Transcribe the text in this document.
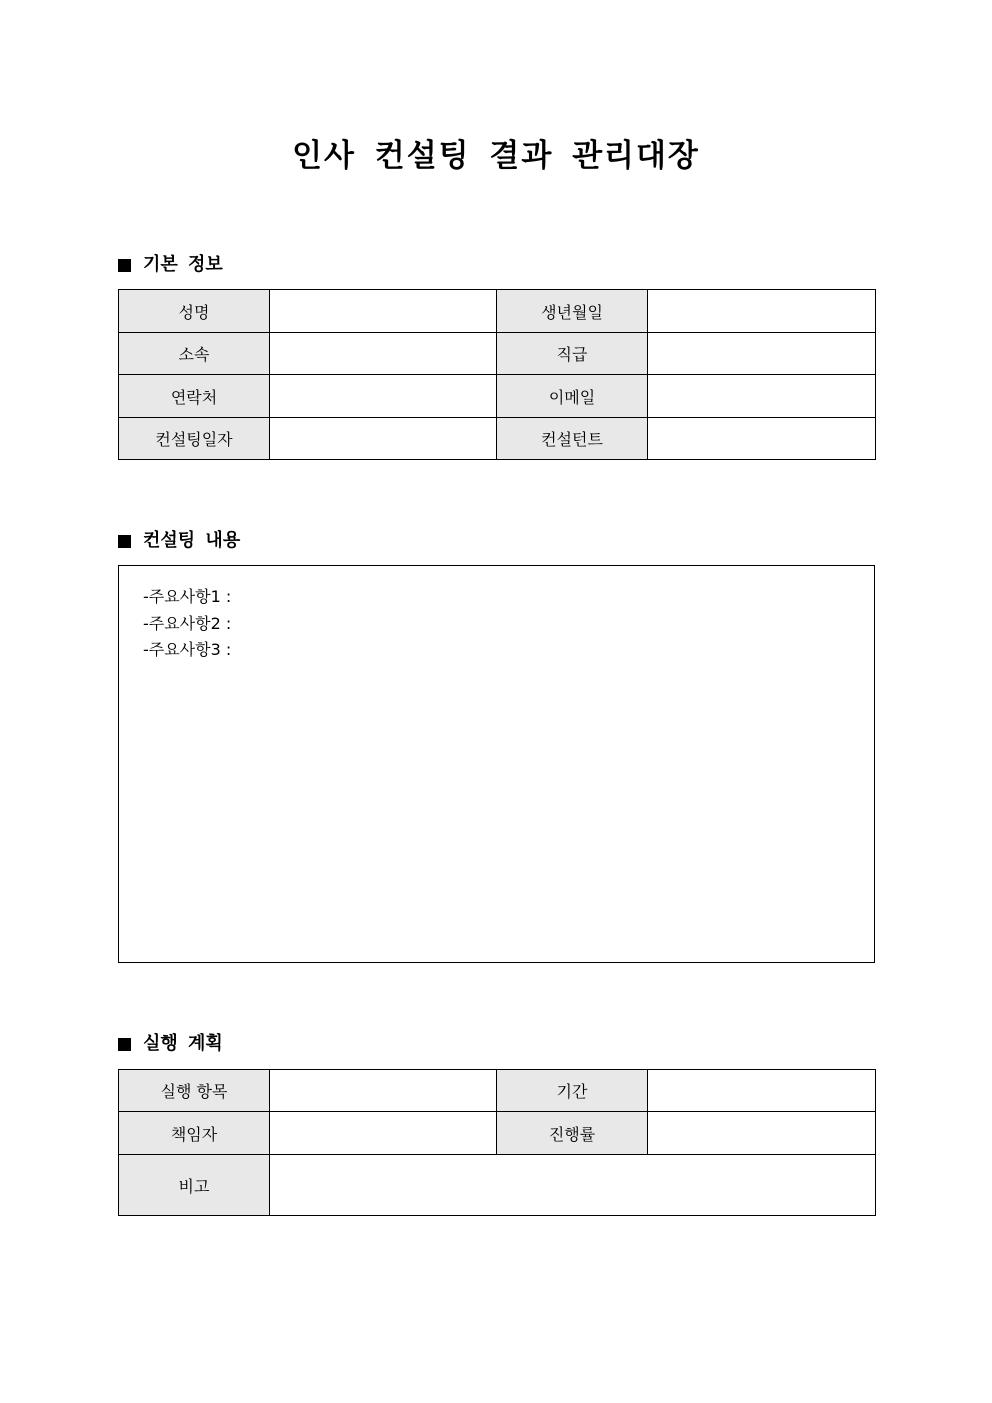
인사 컨설팅 결과 관리대장
기본 정보
성명		생년월일	
소속		직급	
연락처		이메일	
컨설팅일자		컨설턴트	
컨설팅 내용
-주요사항1 :
-주요사항2 :
-주요사항3 :
실행 계획
실행 항목		기간	
책임자		진행률	
비고			
